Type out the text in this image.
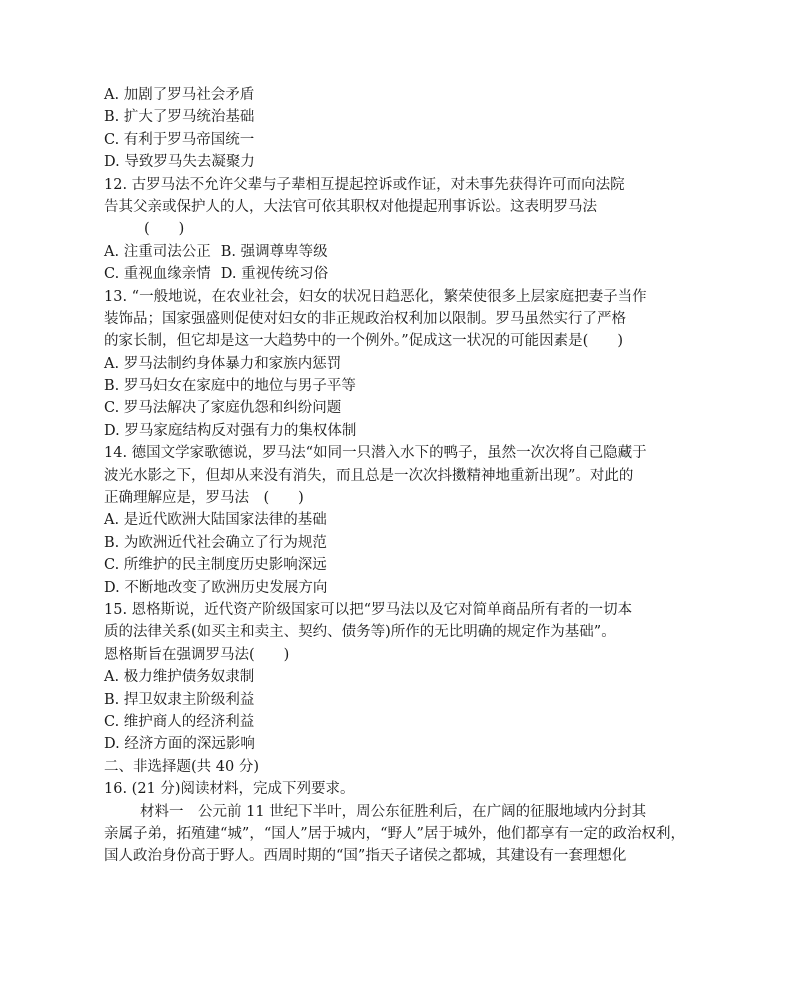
A. 加剧了罗马社会矛盾
B. 扩大了罗马统治基础
C. 有利于罗马帝国统一
D. 导致罗马失去凝聚力
12. 古罗马法不允许父辈与子辈相互提起控诉或作证，对未事先获得许可而向法院
告其父亲或保护人的人，大法官可依其职权对他提起刑事诉讼。这表明罗马法
(　　)
A. 注重司法公正 B. 强调尊卑等级
C. 重视血缘亲情 D. 重视传统习俗
13. “一般地说，在农业社会，妇女的状况日趋恶化，繁荣使很多上层家庭把妻子当作
装饰品；国家强盛则促使对妇女的非正规政治权利加以限制。罗马虽然实行了严格
的家长制，但它却是这一大趋势中的一个例外。”促成这一状况的可能因素是(　　)
A. 罗马法制约身体暴力和家族内惩罚
B. 罗马妇女在家庭中的地位与男子平等
C. 罗马法解决了家庭仇怨和纠纷问题
D. 罗马家庭结构反对强有力的集权体制
14. 德国文学家歌德说，罗马法“如同一只潜入水下的鸭子，虽然一次次将自己隐藏于
波光水影之下，但却从来没有消失，而且总是一次次抖擞精神地重新出现”。对此的
正确理解应是，罗马法　(　　)
A. 是近代欧洲大陆国家法律的基础
B. 为欧洲近代社会确立了行为规范
C. 所维护的民主制度历史影响深远
D. 不断地改变了欧洲历史发展方向
15. 恩格斯说，近代资产阶级国家可以把“罗马法以及它对简单商品所有者的一切本
质的法律关系(如买主和卖主、契约、债务等)所作的无比明确的规定作为基础”。
恩格斯旨在强调罗马法(　　)
A. 极力维护债务奴隶制
B. 捍卫奴隶主阶级利益
C. 维护商人的经济利益
D. 经济方面的深远影响
二、非选择题(共 40 分)
16. (21 分)阅读材料，完成下列要求。
材料一　公元前 11 世纪下半叶，周公东征胜利后，在广阔的征服地域内分封其
亲属子弟，拓殖建“城”，“国人”居于城内，“野人”居于城外，他们都享有一定的政治权利，
国人政治身份高于野人。西周时期的“国”指天子诸侯之都城，其建设有一套理想化
